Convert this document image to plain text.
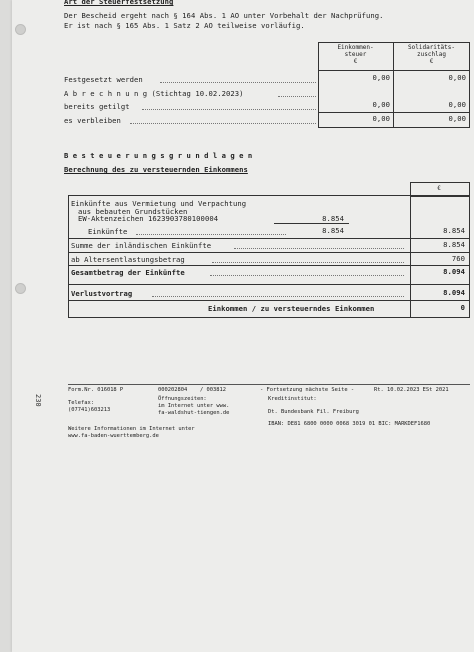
Art der Steuerfestsetzung
Der Bescheid ergeht nach § 164 Abs. 1 AO unter Vorbehalt der Nachprüfung.
Er ist nach § 165 Abs. 1 Satz 2 AO teilweise vorläufig.
Einkommen-
steuer
€
Solidaritäts-
zuschlag
€
Festgesetzt werden	0,00	0,00
A b r e c h n u n g (Stichtag 10.02.2023)
bereits getilgt	0,00	0,00
es verbleiben	0,00	0,00
B e s t e u e r u n g s g r u n d l a g e n
Berechnung des zu versteuernden Einkommens
€
Einkünfte aus Vermietung und Verpachtung
aus bebauten Grundstücken
EW-Aktenzeichen 1623903780100004	8.854
Einkünfte	8.854	8.854
Summe der inländischen Einkünfte	8.854
ab Altersentlastungsbetrag	760
Gesamtbetrag der Einkünfte	8.094
Verlustvortrag	8.094
Einkommen / zu versteuerndes Einkommen	0
Form.Nr. 016018 P	000202804 / 003812	- Fortsetzung nächste Seite -	Rt. 10.02.2023 ESt 2021
Telefax:
(07741)603213
Öffnungszeiten:
im Internet unter www.
fa-waldshut-tiengen.de
Kreditinstitut:
Dt. Bundesbank Fil. Freiburg
IBAN: DE81 6800 0000 0068 3019 01 BIC: MARKDEF1680
Weitere Informationen im Internet unter
www.fa-baden-wuerttemberg.de
230
